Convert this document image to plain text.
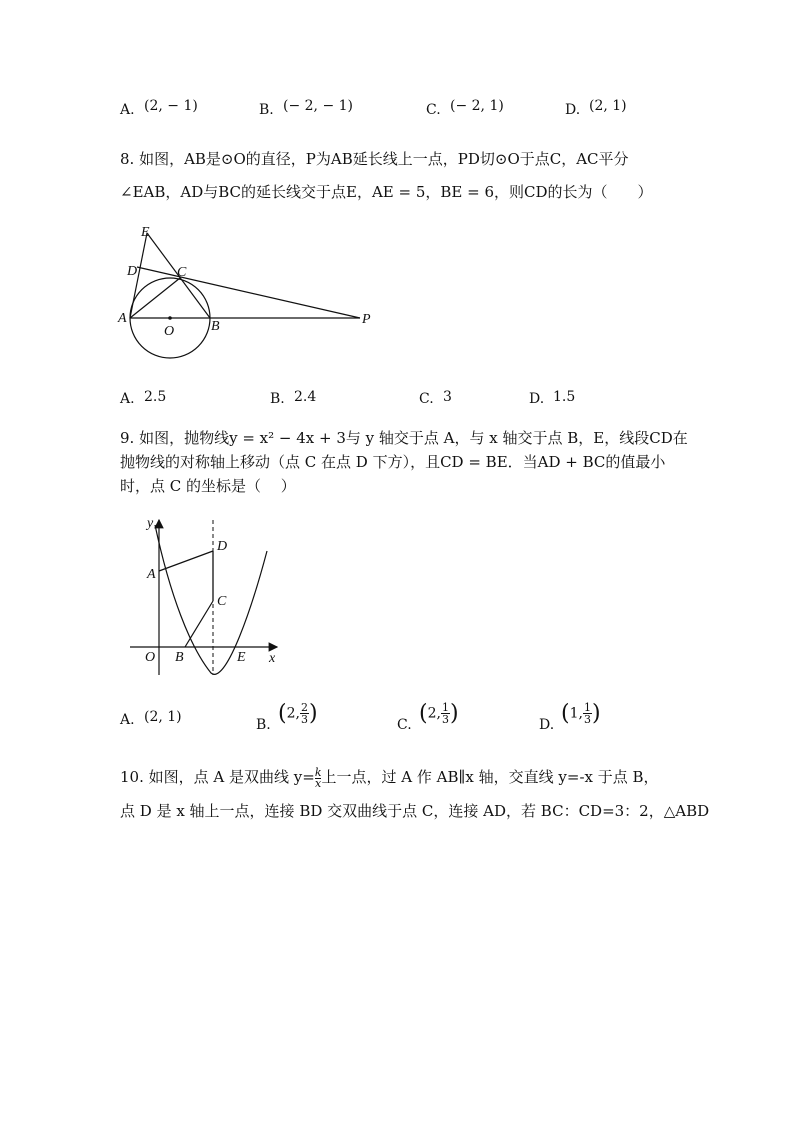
A. (2, − 1)	B. (− 2, − 1)	C. (− 2, 1)	D. (2, 1)
8. 如图，AB是⊙O的直径，P为AB延长线上一点，PD切⊙O于点C，AC平分
∠EAB，AD与BC的延长线交于点E，AE = 5，BE = 6，则CD的长为（　　）
E
D	C
A
O	B	P
A. 2.5	B. 2.4	C. 3	D. 1.5
9. 如图，抛物线y = x² − 4x + 3与 y 轴交于点 A，与 x 轴交于点 B，E，线段CD在
抛物线的对称轴上移动（点 C 在点 D 下方），且CD = BE．当AD + BC的值最小
时，点 C 的坐标是（　 ）
y
x
O
A
B
C
D
E
A. (2, 1)	B. (2, $\frac{2}{3}$ )	C. (2, $\frac{1}{3}$ )	D. (1, $\frac{1}{3}$ )
10. 如图，点 A 是双曲线 $y= \frac{k}{x}$ 上一点，过 A 作 AB∥x 轴，交直线 y=-x 于点 B，
点 D 是 x 轴上一点，连接 BD 交双曲线于点 C，连接 AD，若 BC：CD=3：2，△ABD
